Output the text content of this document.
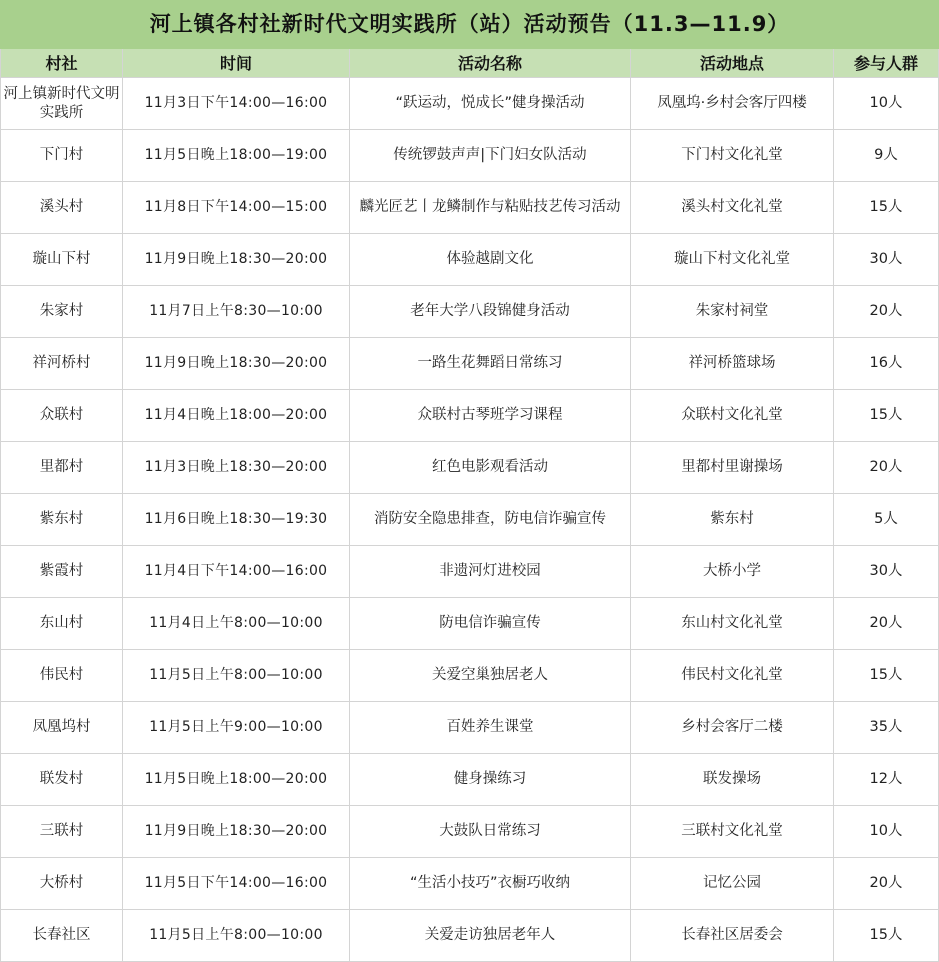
河上镇各村社新时代文明实践所（站）活动预告（11.3—11.9）				
村社	时间	活动名称	活动地点	参与人群
河上镇新时代文明实践所	11月3日下午14:00—16:00	“跃运动，悦成长”健身操活动	凤凰坞·乡村会客厅四楼	10人
下门村	11月5日晚上18:00—19:00	传统锣鼓声声|下门妇女队活动	下门村文化礼堂	9人
溪头村	11月8日下午14:00—15:00	麟光匠艺丨龙鳞制作与粘贴技艺传习活动	溪头村文化礼堂	15人
璇山下村	11月9日晚上18:30—20:00	体验越剧文化	璇山下村文化礼堂	30人
朱家村	11月7日上午8:30—10:00	老年大学八段锦健身活动	朱家村祠堂	20人
祥河桥村	11月9日晚上18:30—20:00	一路生花舞蹈日常练习	祥河桥篮球场	16人
众联村	11月4日晚上18:00—20:00	众联村古琴班学习课程	众联村文化礼堂	15人
里都村	11月3日晚上18:30—20:00	红色电影观看活动	里都村里谢操场	20人
紫东村	11月6日晚上18:30—19:30	消防安全隐患排查，防电信诈骗宣传	紫东村	5人
紫霞村	11月4日下午14:00—16:00	非遗河灯进校园	大桥小学	30人
东山村	11月4日上午8:00—10:00	防电信诈骗宣传	东山村文化礼堂	20人
伟民村	11月5日上午8:00—10:00	关爱空巢独居老人	伟民村文化礼堂	15人
凤凰坞村	11月5日上午9:00—10:00	百姓养生课堂	乡村会客厅二楼	35人
联发村	11月5日晚上18:00—20:00	健身操练习	联发操场	12人
三联村	11月9日晚上18:30—20:00	大鼓队日常练习	三联村文化礼堂	10人
大桥村	11月5日下午14:00—16:00	“生活小技巧”衣橱巧收纳	记忆公园	20人
长春社区	11月5日上午8:00—10:00	关爱走访独居老年人	长春社区居委会	15人
